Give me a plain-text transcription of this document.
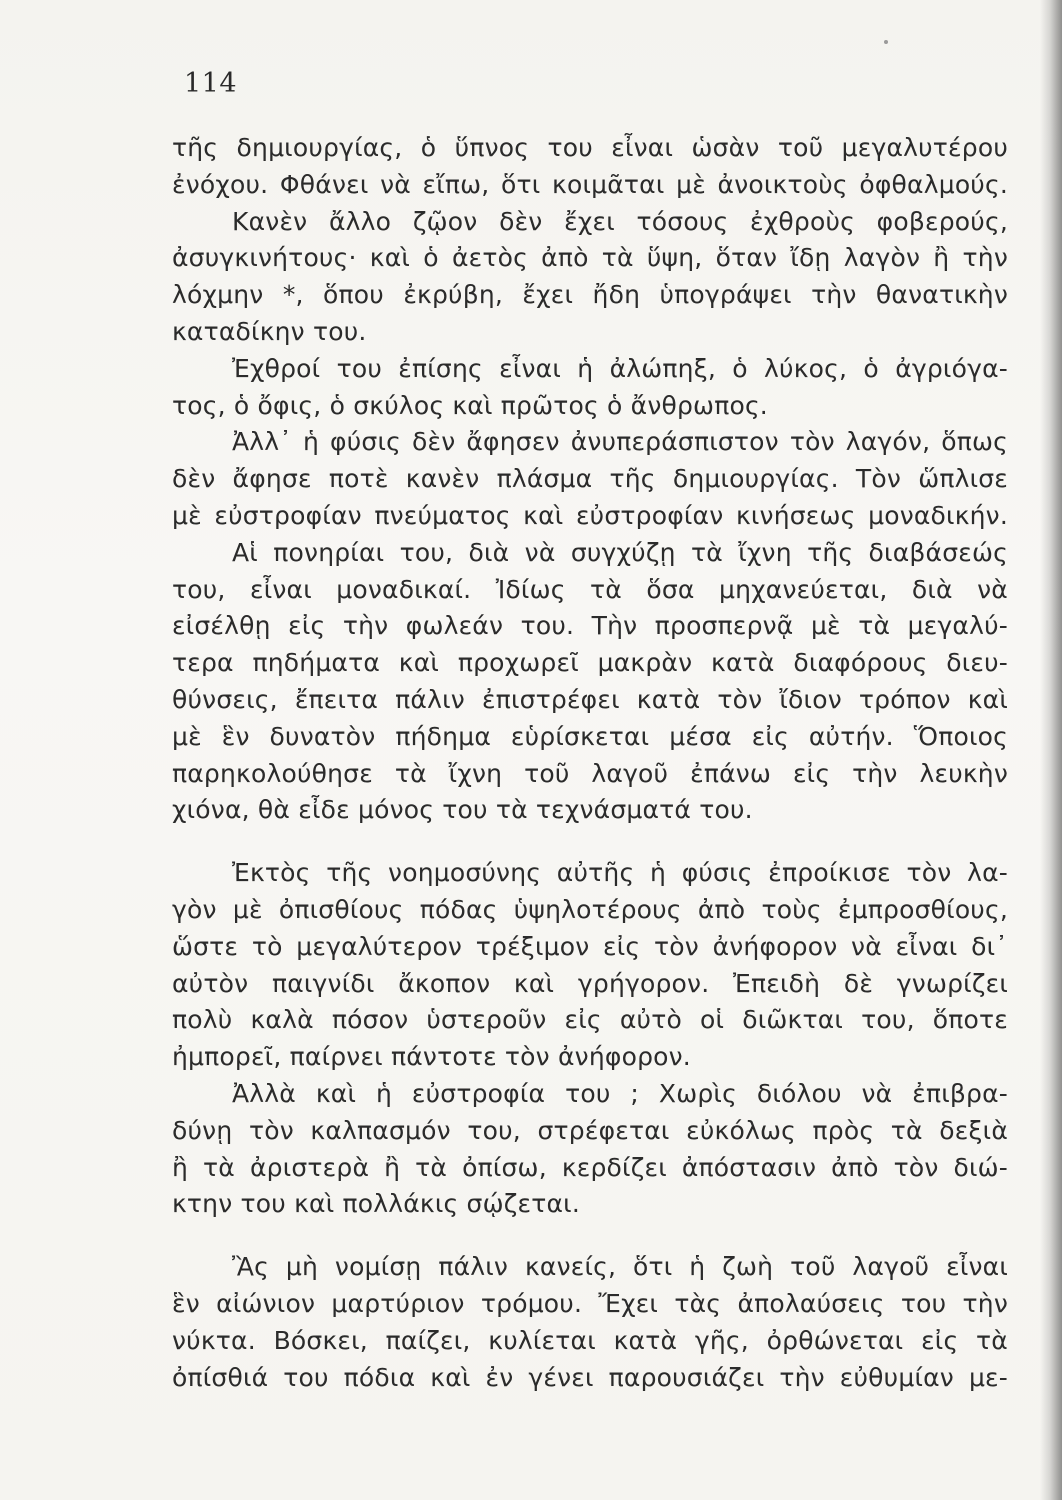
114
τῆς δημιουργίας, ὁ ὕπνος του εἶναι ὡσὰν τοῦ μεγαλυτέρου
ἐνόχου. Φθάνει νὰ εἴπω, ὅτι κοιμᾶται μὲ ἀνοικτοὺς ὀφθαλμούς.
Κανὲν ἄλλο ζῷον δὲν ἔχει τόσους ἐχθροὺς φοβερούς,
ἀσυγκινήτους· καὶ ὁ ἀετὸς ἀπὸ τὰ ὕψη, ὅταν ἴδῃ λαγὸν ἢ τὴν
λόχμην *, ὅπου ἐκρύβη, ἔχει ἤδη ὑπογράψει τὴν θανατικὴν
καταδίκην του.
Ἐχθροί του ἐπίσης εἶναι ἡ ἀλώπηξ, ὁ λύκος, ὁ ἀγριόγα-
τος, ὁ ὄφις, ὁ σκύλος καὶ πρῶτος ὁ ἄνθρωπος.
Ἀλλ᾽ ἡ φύσις δὲν ἄφησεν ἀνυπεράσπιστον τὸν λαγόν, ὅπως
δὲν ἄφησε ποτὲ κανὲν πλάσμα τῆς δημιουργίας. Τὸν ὥπλισε
μὲ εὐστροφίαν πνεύματος καὶ εὐστροφίαν κινήσεως μοναδικήν.
Αἱ πονηρίαι του, διὰ νὰ συγχύζῃ τὰ ἴχνη τῆς διαβάσεώς
του, εἶναι μοναδικαί. Ἰδίως τὰ ὅσα μηχανεύεται, διὰ νὰ
εἰσέλθῃ εἰς τὴν φωλεάν του. Τὴν προσπερνᾷ μὲ τὰ μεγαλύ-
τερα πηδήματα καὶ προχωρεῖ μακρὰν κατὰ διαφόρους διευ-
θύνσεις, ἔπειτα πάλιν ἐπιστρέφει κατὰ τὸν ἴδιον τρόπον καὶ
μὲ ἓν δυνατὸν πήδημα εὑρίσκεται μέσα εἰς αὐτήν. Ὅποιος
παρηκολούθησε τὰ ἴχνη τοῦ λαγοῦ ἐπάνω εἰς τὴν λευκὴν
χιόνα, θὰ εἶδε μόνος του τὰ τεχνάσματά του.
Ἐκτὸς τῆς νοημοσύνης αὐτῆς ἡ φύσις ἐπροίκισε τὸν λα-
γὸν μὲ ὀπισθίους πόδας ὑψηλοτέρους ἀπὸ τοὺς ἐμπροσθίους,
ὥστε τὸ μεγαλύτερον τρέξιμον εἰς τὸν ἀνήφορον νὰ εἶναι δι᾽
αὐτὸν παιγνίδι ἄκοπον καὶ γρήγορον. Ἐπειδὴ δὲ γνωρίζει
πολὺ καλὰ πόσον ὑστεροῦν εἰς αὐτὸ οἱ διῶκται του, ὅποτε
ἠμπορεῖ, παίρνει πάντοτε τὸν ἀνήφορον.
Ἀλλὰ καὶ ἡ εὐστροφία του ; Χωρὶς διόλου νὰ ἐπιβρα-
δύνῃ τὸν καλπασμόν του, στρέφεται εὐκόλως πρὸς τὰ δεξιὰ
ἢ τὰ ἀριστερὰ ἢ τὰ ὀπίσω, κερδίζει ἀπόστασιν ἀπὸ τὸν διώ-
κτην του καὶ πολλάκις σῴζεται.
Ἂς μὴ νομίσῃ πάλιν κανείς, ὅτι ἡ ζωὴ τοῦ λαγοῦ εἶναι
ἓν αἰώνιον μαρτύριον τρόμου. Ἔχει τὰς ἀπολαύσεις του τὴν
νύκτα. Βόσκει, παίζει, κυλίεται κατὰ γῆς, ὀρθώνεται εἰς τὰ
ὀπίσθιά του πόδια καὶ ἐν γένει παρουσιάζει τὴν εὐθυμίαν με-
